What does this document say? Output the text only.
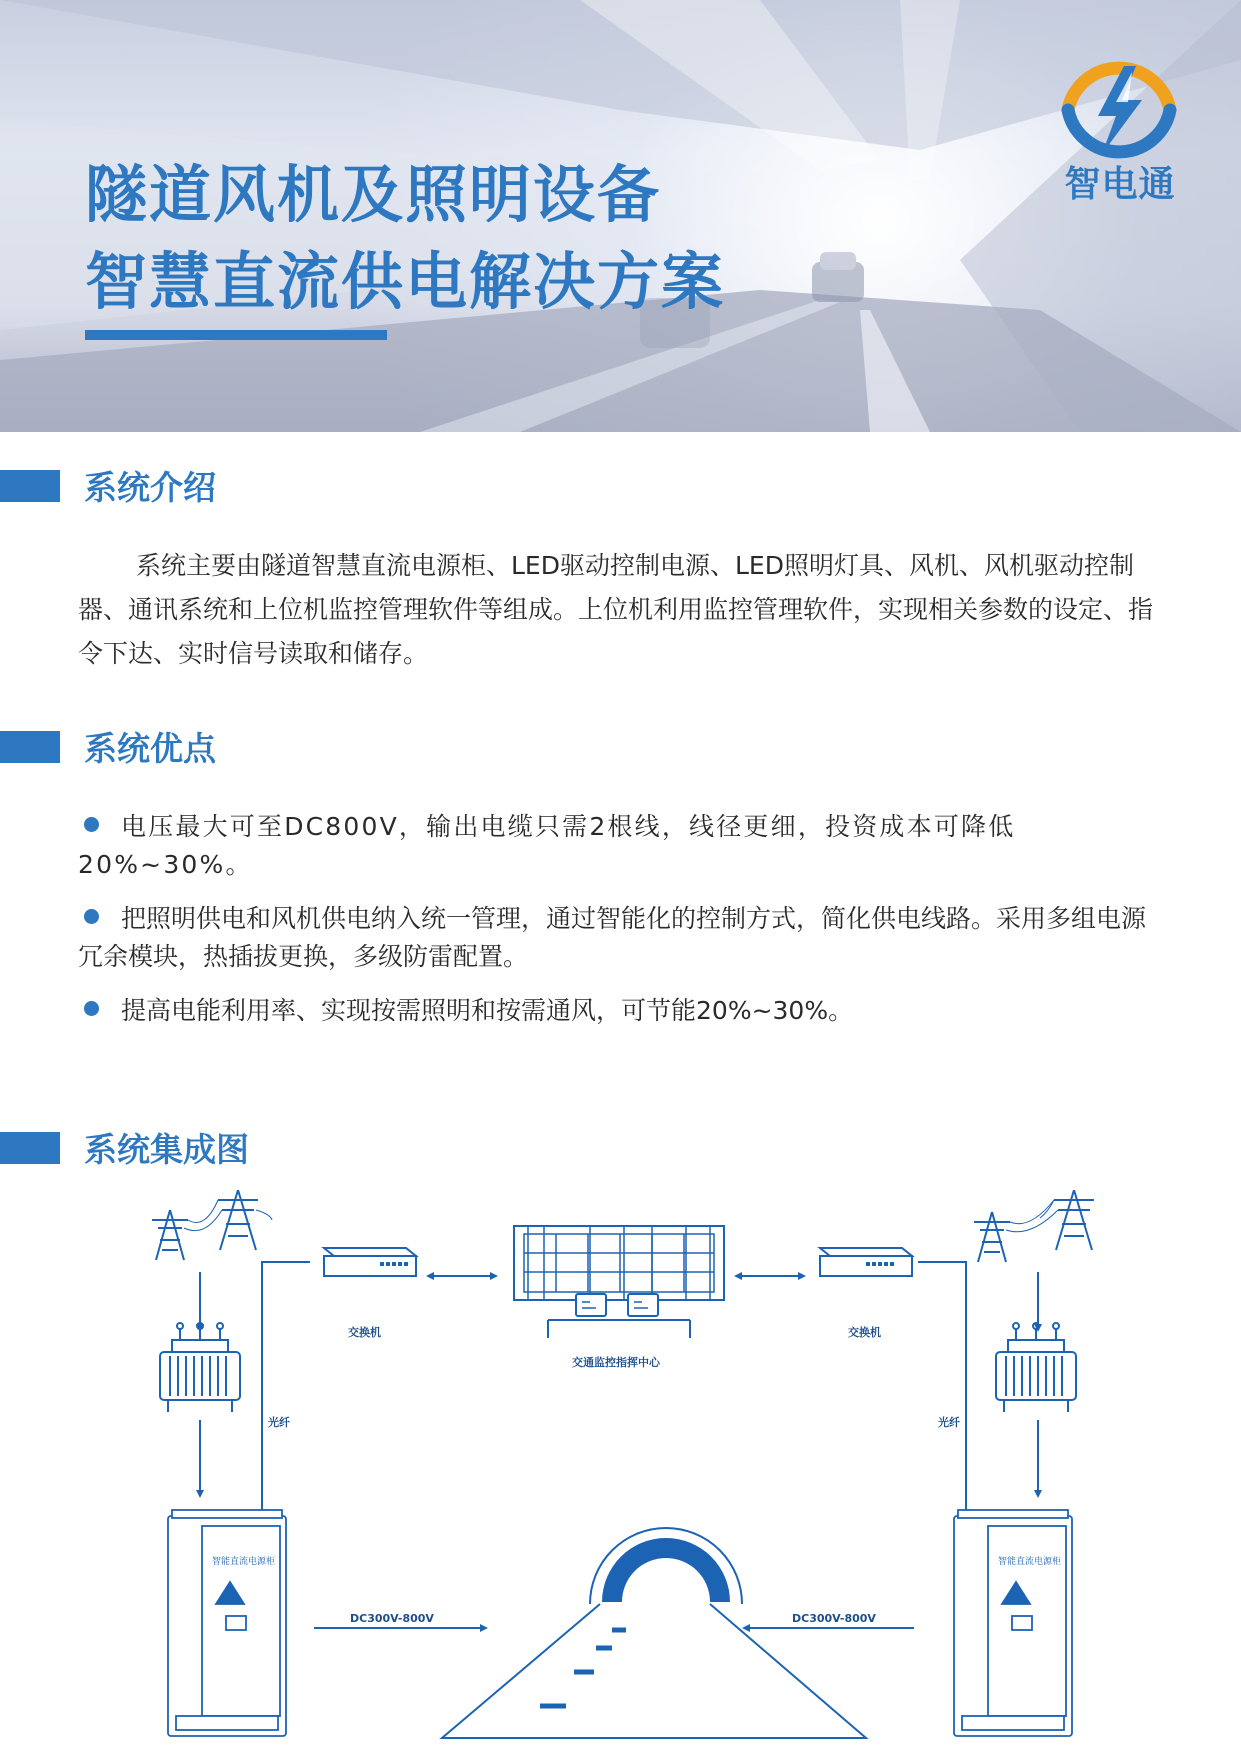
隧道风机及照明设备
智慧直流供电解决方案
智电通
系统介绍

系统主要由隧道智慧直流电源柜、LED驱动控制电源、LED照明灯具、风机、风机驱动控制器、通讯系统和上位机监控管理软件等组成。上位机利用监控管理软件，实现相关参数的设定、指令下达、实时信号读取和储存。

系统优点
电压最大可至DC800V，输出电缆只需2根线，线径更细，投资成本可降低20%~30%。
把照明供电和风机供电纳入统一管理，通过智能化的控制方式，简化供电线路。采用多组电源冗余模块，热插拔更换，多级防雷配置。
提高电能利用率、实现按需照明和按需通风，可节能20%~30%。
系统集成图
光纤	光纤
交换机	交换机
交通监控指挥中心
智能直流电源柜	智能直流电源柜
DC300V-800V	DC300V-800V
